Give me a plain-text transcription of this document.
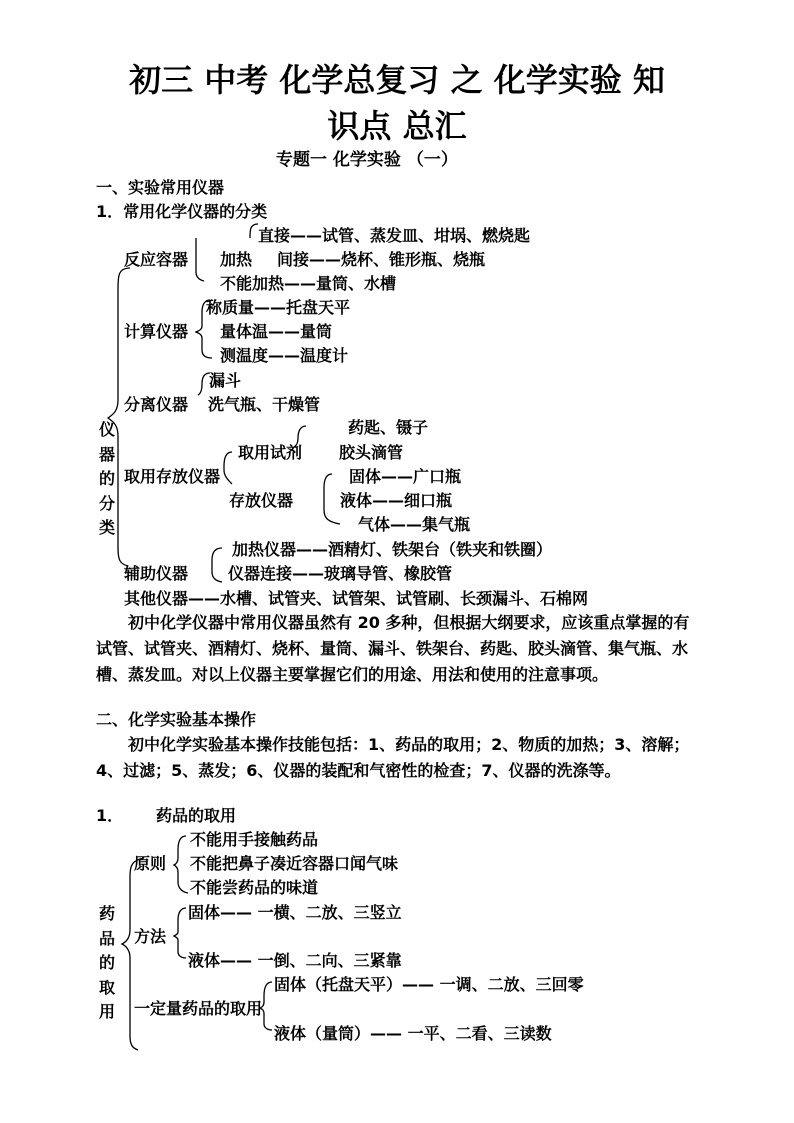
初三 中考 化学总复习 之 化学实验 知
识点 总汇
专题一 化学实验 （一）
一、实验常用仪器
1．常用化学仪器的分类
仪器的分类
直接——试管、蒸发皿、坩埚、燃烧匙
反应容器 加热 间接——烧杯、锥形瓶、烧瓶
不能加热——量筒、水槽
称质量——托盘天平
计算仪器 量体温——量筒
测温度——温度计
漏斗
分离仪器 洗气瓶、干燥管
药匙、镊子
取用试剂 胶头滴管
取用存放仪器	固体——广口瓶
存放仪器	液体——细口瓶
气体——集气瓶
加热仪器——酒精灯、铁架台（铁夹和铁圈）
辅助仪器 仪器连接——玻璃导管、橡胶管
其他仪器——水槽、试管夹、试管架、试管刷、长颈漏斗、石棉网
初中化学仪器中常用仪器虽然有 20 多种，但根据大纲要求，应该重点掌握的有试管、试管夹、酒精灯、烧杯、量筒、漏斗、铁架台、药匙、胶头滴管、集气瓶、水槽、蒸发皿。对以上仪器主要掌握它们的用途、用法和使用的注意事项。
二、化学实验基本操作
初中化学实验基本操作技能包括：1、药品的取用；2、物质的加热；3、溶解；4、过滤；5、蒸发；6、仪器的装配和气密性的检查；7、仪器的洗涤等。
1． 药品的取用
药品的取用
不能用手接触药品
原则 不能把鼻子凑近容器口闻气味
不能尝药品的味道
固体—— 一横、二放、三竖立
方法
液体—— 一倒、二向、三紧靠
固体（托盘天平）—— 一调、二放、三回零
一定量药品的取用
液体（量筒）—— 一平、二看、三读数
